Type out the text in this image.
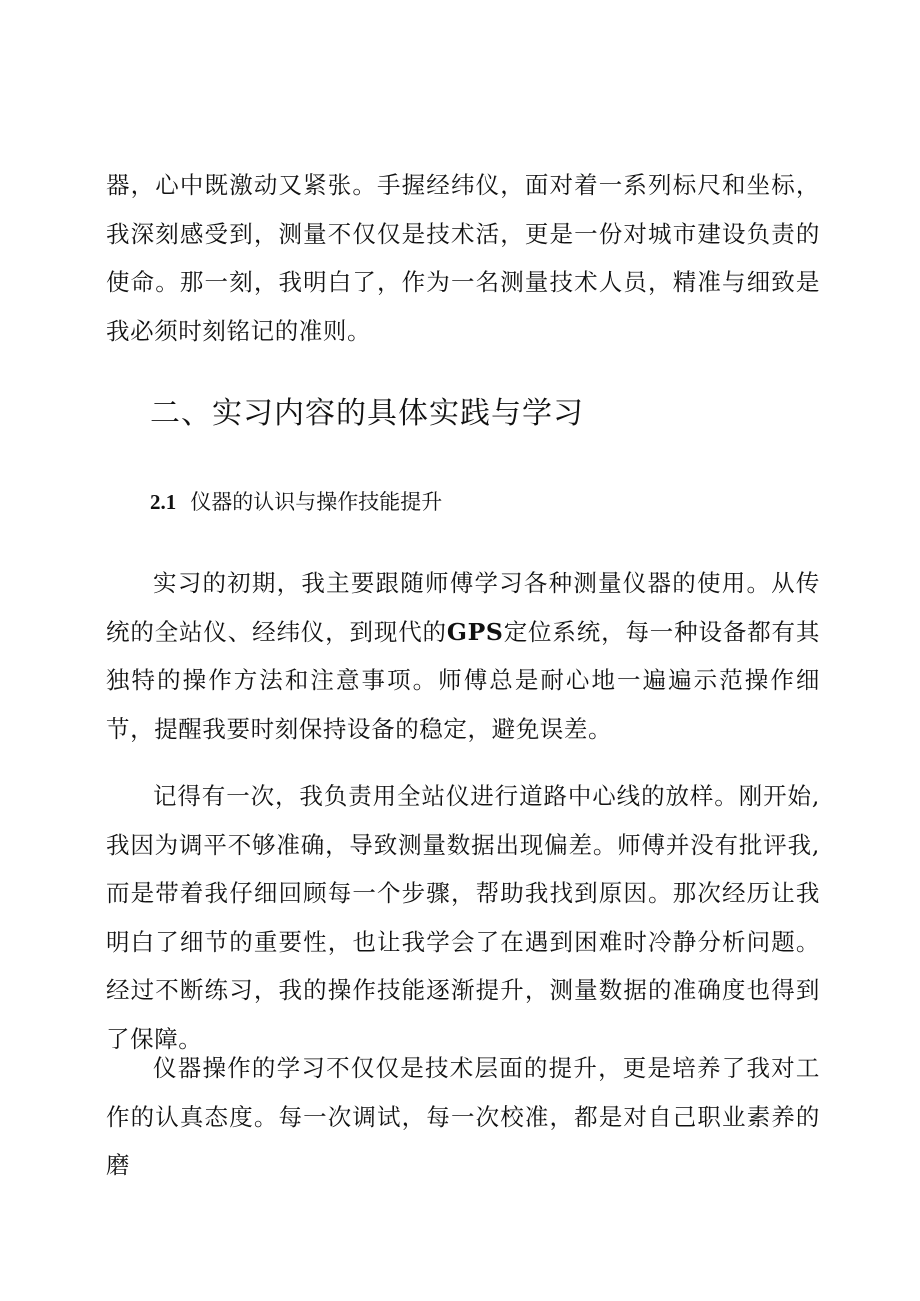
器，心中既激动又紧张。手握经纬仪，面对着一系列标尺和坐标，我深刻感受到，测量不仅仅是技术活，更是一份对城市建设负责的使命。那一刻，我明白了，作为一名测量技术人员，精准与细致是我必须时刻铭记的准则。

二、实习内容的具体实践与学习
2.1 仪器的认识与操作技能提升

实习的初期，我主要跟随师傅学习各种测量仪器的使用。从传统的全站仪、经纬仪，到现代的GPS定位系统，每一种设备都有其独特的操作方法和注意事项。师傅总是耐心地一遍遍示范操作细节，提醒我要时刻保持设备的稳定，避免误差。

记得有一次，我负责用全站仪进行道路中心线的放样。刚开始,我因为调平不够准确，导致测量数据出现偏差。师傅并没有批评我,而是带着我仔细回顾每一个步骤，帮助我找到原因。那次经历让我明白了细节的重要性，也让我学会了在遇到困难时冷静分析问题。经过不断练习，我的操作技能逐渐提升，测量数据的准确度也得到了保障。

仪器操作的学习不仅仅是技术层面的提升，更是培养了我对工作的认真态度。每一次调试，每一次校准，都是对自己职业素养的磨
